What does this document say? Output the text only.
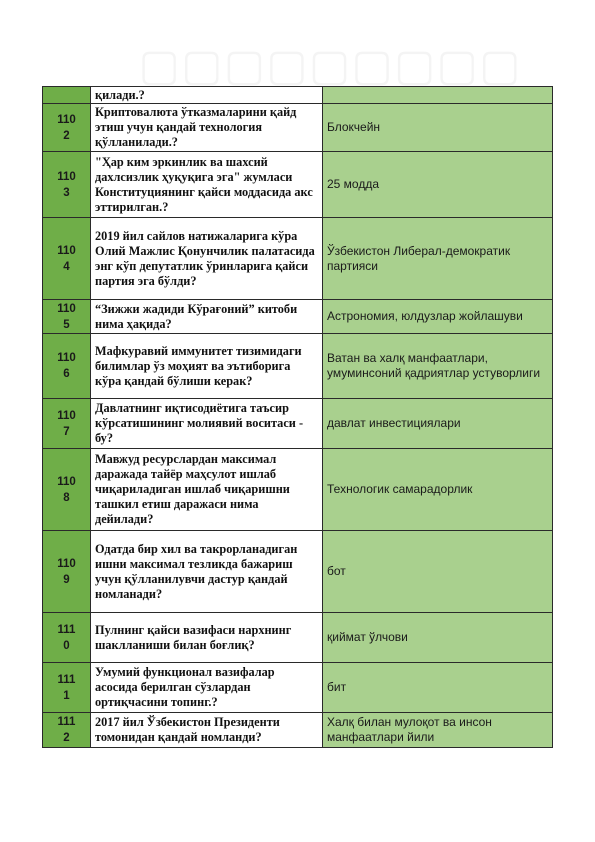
	қилади.?	
1102	Криптовалюта ўтказмаларини қайд этиш учун қандай технология қўлланилади.?	Блокчейн
1103	"Ҳар ким эркинлик ва шахсий дахлсизлик ҳуқуқига эга" жумласи Конституциянинг қайси моддасида акс эттирилган.?	25 модда
1104	2019 йил сайлов натижаларига кўра Олий Мажлис Қонунчилик палатасида энг кўп депутатлик ўринларига қайси партия эга бўлди?	Ўзбекистон Либерал-демократик партияси
1105	“Зижжи жадиди Кўрағоний” китоби нима ҳақида?	Астрономия, юлдузлар жойлашуви
1106	Мафкуравий иммунитет тизимидаги билимлар ўз моҳият ва эътиборига кўра қандай бўлиши керак?	Ватан ва халқ манфаатлари, умуминсоний қадриятлар устуворлиги
1107	Давлатнинг иқтисодиётига таъсир кўрсатишининг молиявий воситаси - бу?	давлат инвестициялари
1108	Мавжуд ресурслардан максимал даражада тайёр маҳсулот ишлаб чиқариладиган ишлаб чиқаришни ташкил етиш даражаси нима дейилади?	Технологик самарадорлик
1109	Одатда бир хил ва такрорланадиган ишни максимал тезликда бажариш учун қўлланилувчи дастур қандай номланади?	бот
1110	Пулнинг қайси вазифаси нархнинг шаклланиши билан боғлиқ?	қиймат ўлчови
1111	Умумий функционал вазифалар асосида берилган сўзлардан ортиқчасини топинг.?	бит
1112	2017 йил Ўзбекистон Президенти томонидан қандай номланди?	Халқ билан мулоқот ва инсон манфаатлари йили
